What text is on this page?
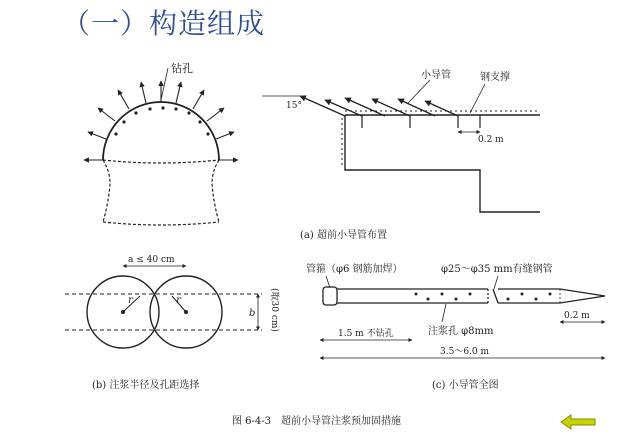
（一）构造组成
钻孔
15°
小导管	钢支撑
0.2 m
(a) 超前小导管布置
r	r
a ≤ 40 cm
b (取30 cm)
(b) 注浆半径及孔距选择
管箍（φ6 钢筋加焊）	φ25～φ35 mm有缝钢管
注浆孔 φ8mm
0.2 m
1.5 m 不钻孔
3.5～6.0 m
(c) 小导管全图
图 6-4-3　超前小导管注浆预加固措施
